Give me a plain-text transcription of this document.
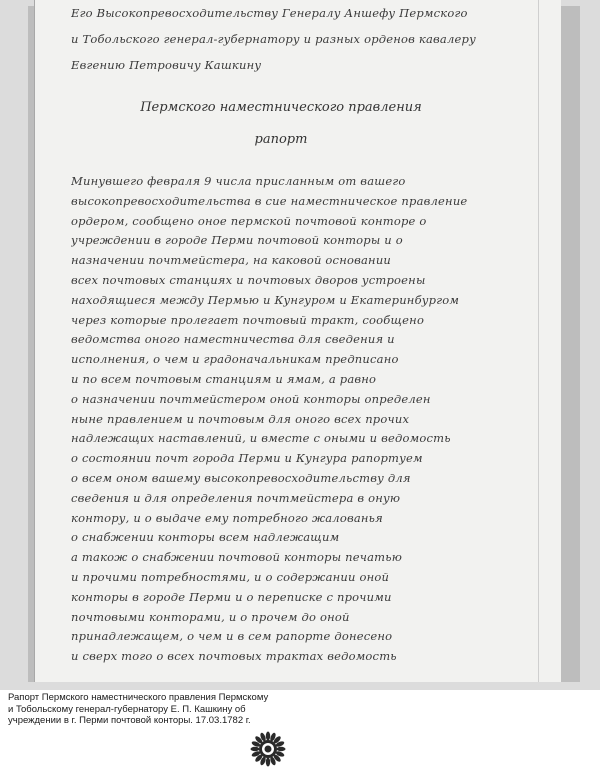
Его Высокопревосходительству Генералу Аншефу Пермского
и Тобольского генерал-губернатору и разных орденов кавалеру
Евгению Петровичу Кашкину
Пермского наместнического правления
рапорт
Минувшего февраля 9 числа присланным от вашего
высокопревосходительства в сие наместническое правление
ордером, сообщено оное пермской почтовой конторе о
учреждении в городе Перми почтовой конторы и о
назначении почтмейстера, на каковой основании
всех почтовых станциях и почтовых дворов устроены
находящиеся между Пермью и Кунгуром и Екатеринбургом
через которые пролегает почтовый тракт, сообщено
ведомства оного наместничества для сведения и
исполнения, о чем и градоначальникам предписано
и по всем почтовым станциям и ямам, а равно
о назначении почтмейстером оной конторы определен
ныне правлением и почтовым для оного всех прочих
надлежащих наставлений, и вместе с оными и ведомость
о состоянии почт города Перми и Кунгура рапортуем
о всем оном вашему высокопревосходительству для
сведения и для определения почтмейстера в оную
контору, и о выдаче ему потребного жалованья
о снабжении конторы всем надлежащим
а також о снабжении почтовой конторы печатью
и прочими потребностями, и о содержании оной
конторы в городе Перми и о переписке с прочими
почтовыми конторами, и о прочем до оной
принадлежащем, о чем и в сем рапорте донесено
и сверх того о всех почтовых трактах ведомость
Рапорт Пермского наместнического правления Пермскому
и Тобольскому генерал-губернатору Е. П. Кашкину об
учреждении в г. Перми почтовой конторы. 17.03.1782 г.
